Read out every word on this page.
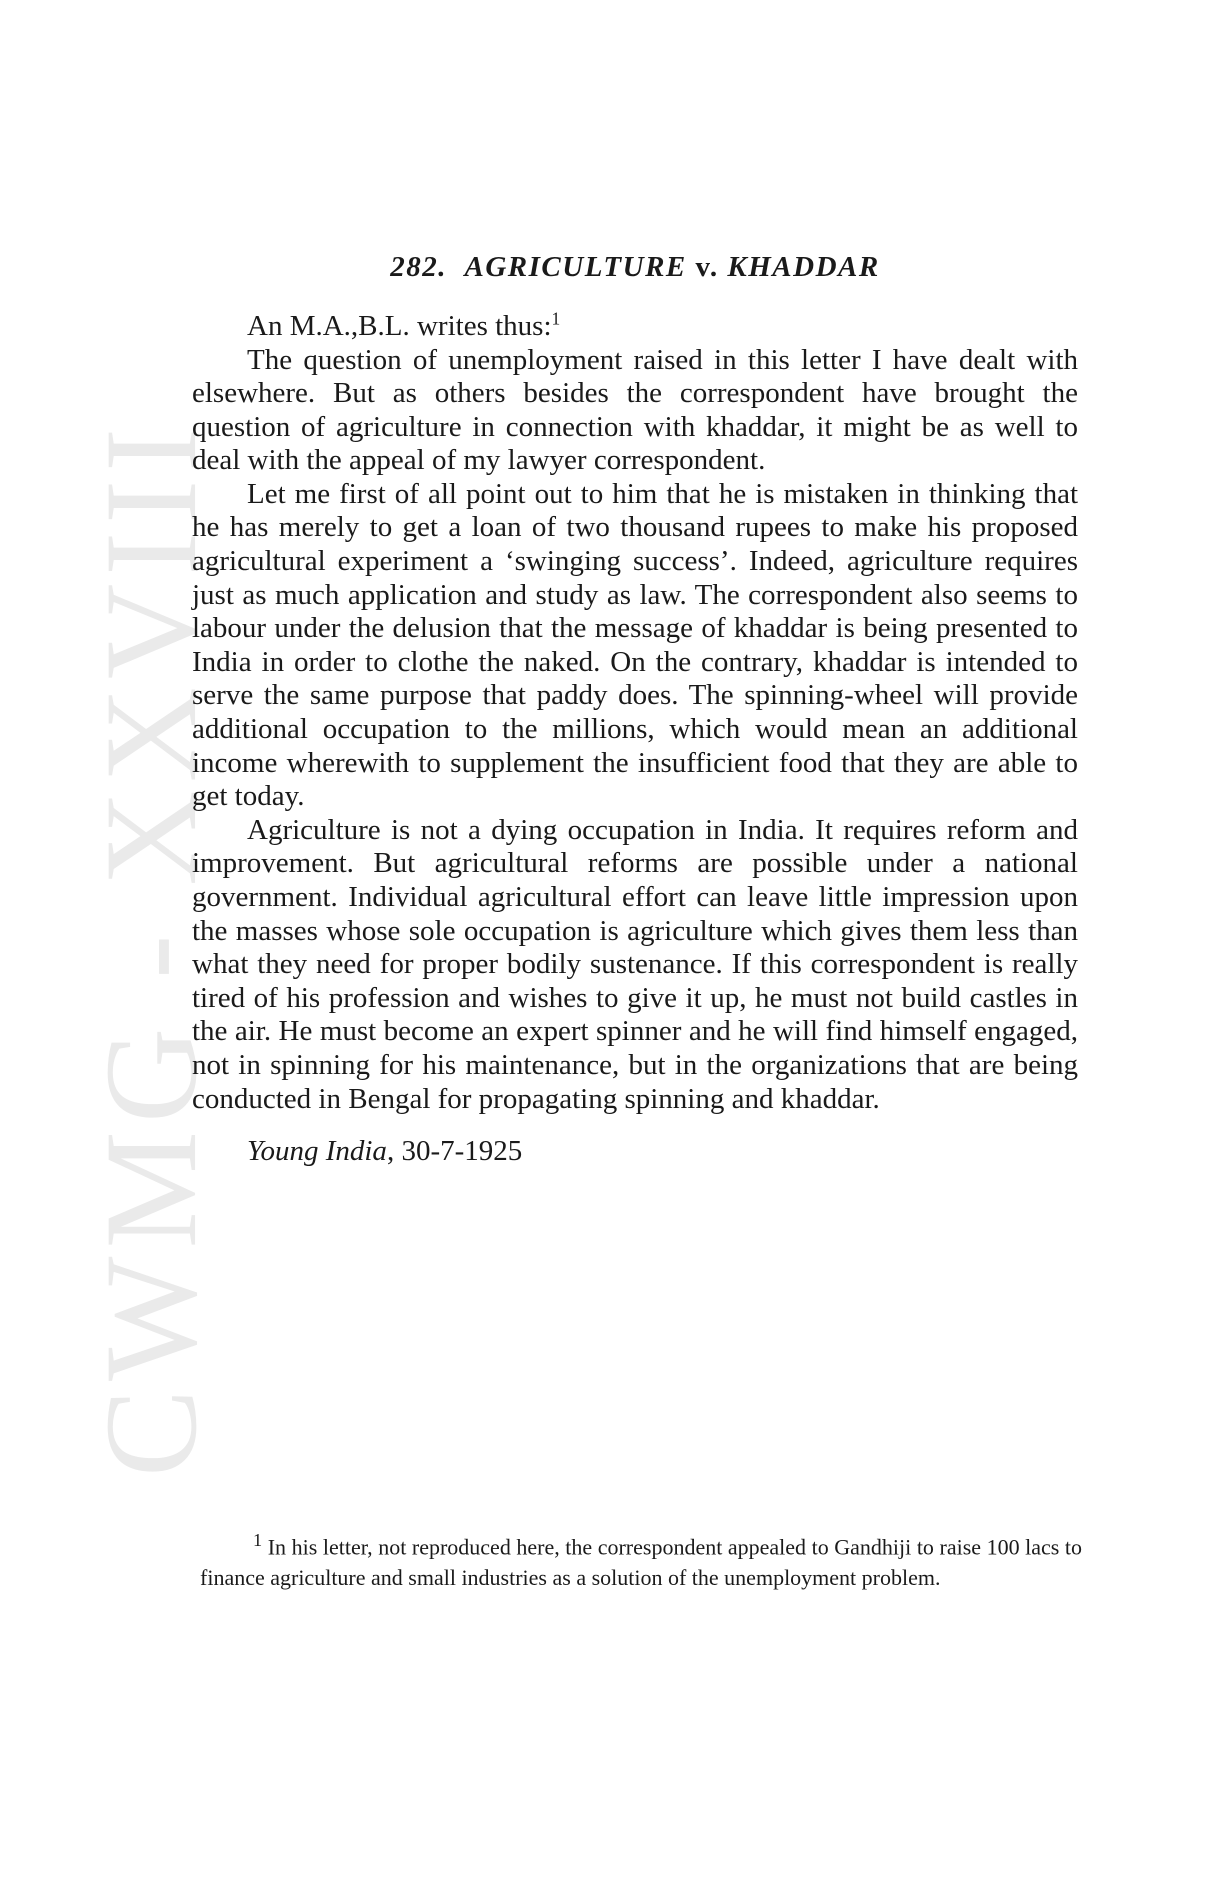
CWMG - XXVIII
282. AGRICULTURE v. KHADDAR

An M.A.,B.L. writes thus:$^1$

The question of unemployment raised in this letter I have dealt with elsewhere. But as others besides the correspondent have brought the question of agriculture in connection with khaddar, it might be as well to deal with the appeal of my lawyer correspondent.

Let me first of all point out to him that he is mistaken in thinking that he has merely to get a loan of two thousand rupees to make his proposed agricultural experiment a ‘swinging success’. Indeed, agriculture requires just as much application and study as law. The correspondent also seems to labour under the delusion that the message of khaddar is being presented to India in order to clothe the naked. On the contrary, khaddar is intended to serve the same purpose that paddy does. The spinning-wheel will provide additional occupation to the millions, which would mean an additional income wherewith to supplement the insufficient food that they are able to get today.

Agriculture is not a dying occupation in India. It requires reform and improvement. But agricultural reforms are possible under a national government. Individual agricultural effort can leave little impression upon the masses whose sole occupation is agriculture which gives them less than what they need for proper bodily sustenance. If this correspondent is really tired of his profession and wishes to give it up, he must not build castles in the air. He must become an expert spinner and he will find himself engaged, not in spinning for his maintenance, but in the organizations that are being conducted in Bengal for propagating spinning and khaddar.

Young India, 30-7-1925

$^1$ In his letter, not reproduced here, the correspondent appealed to Gandhiji to raise 100 lacs to finance agriculture and small industries as a solution of the unemployment problem.
